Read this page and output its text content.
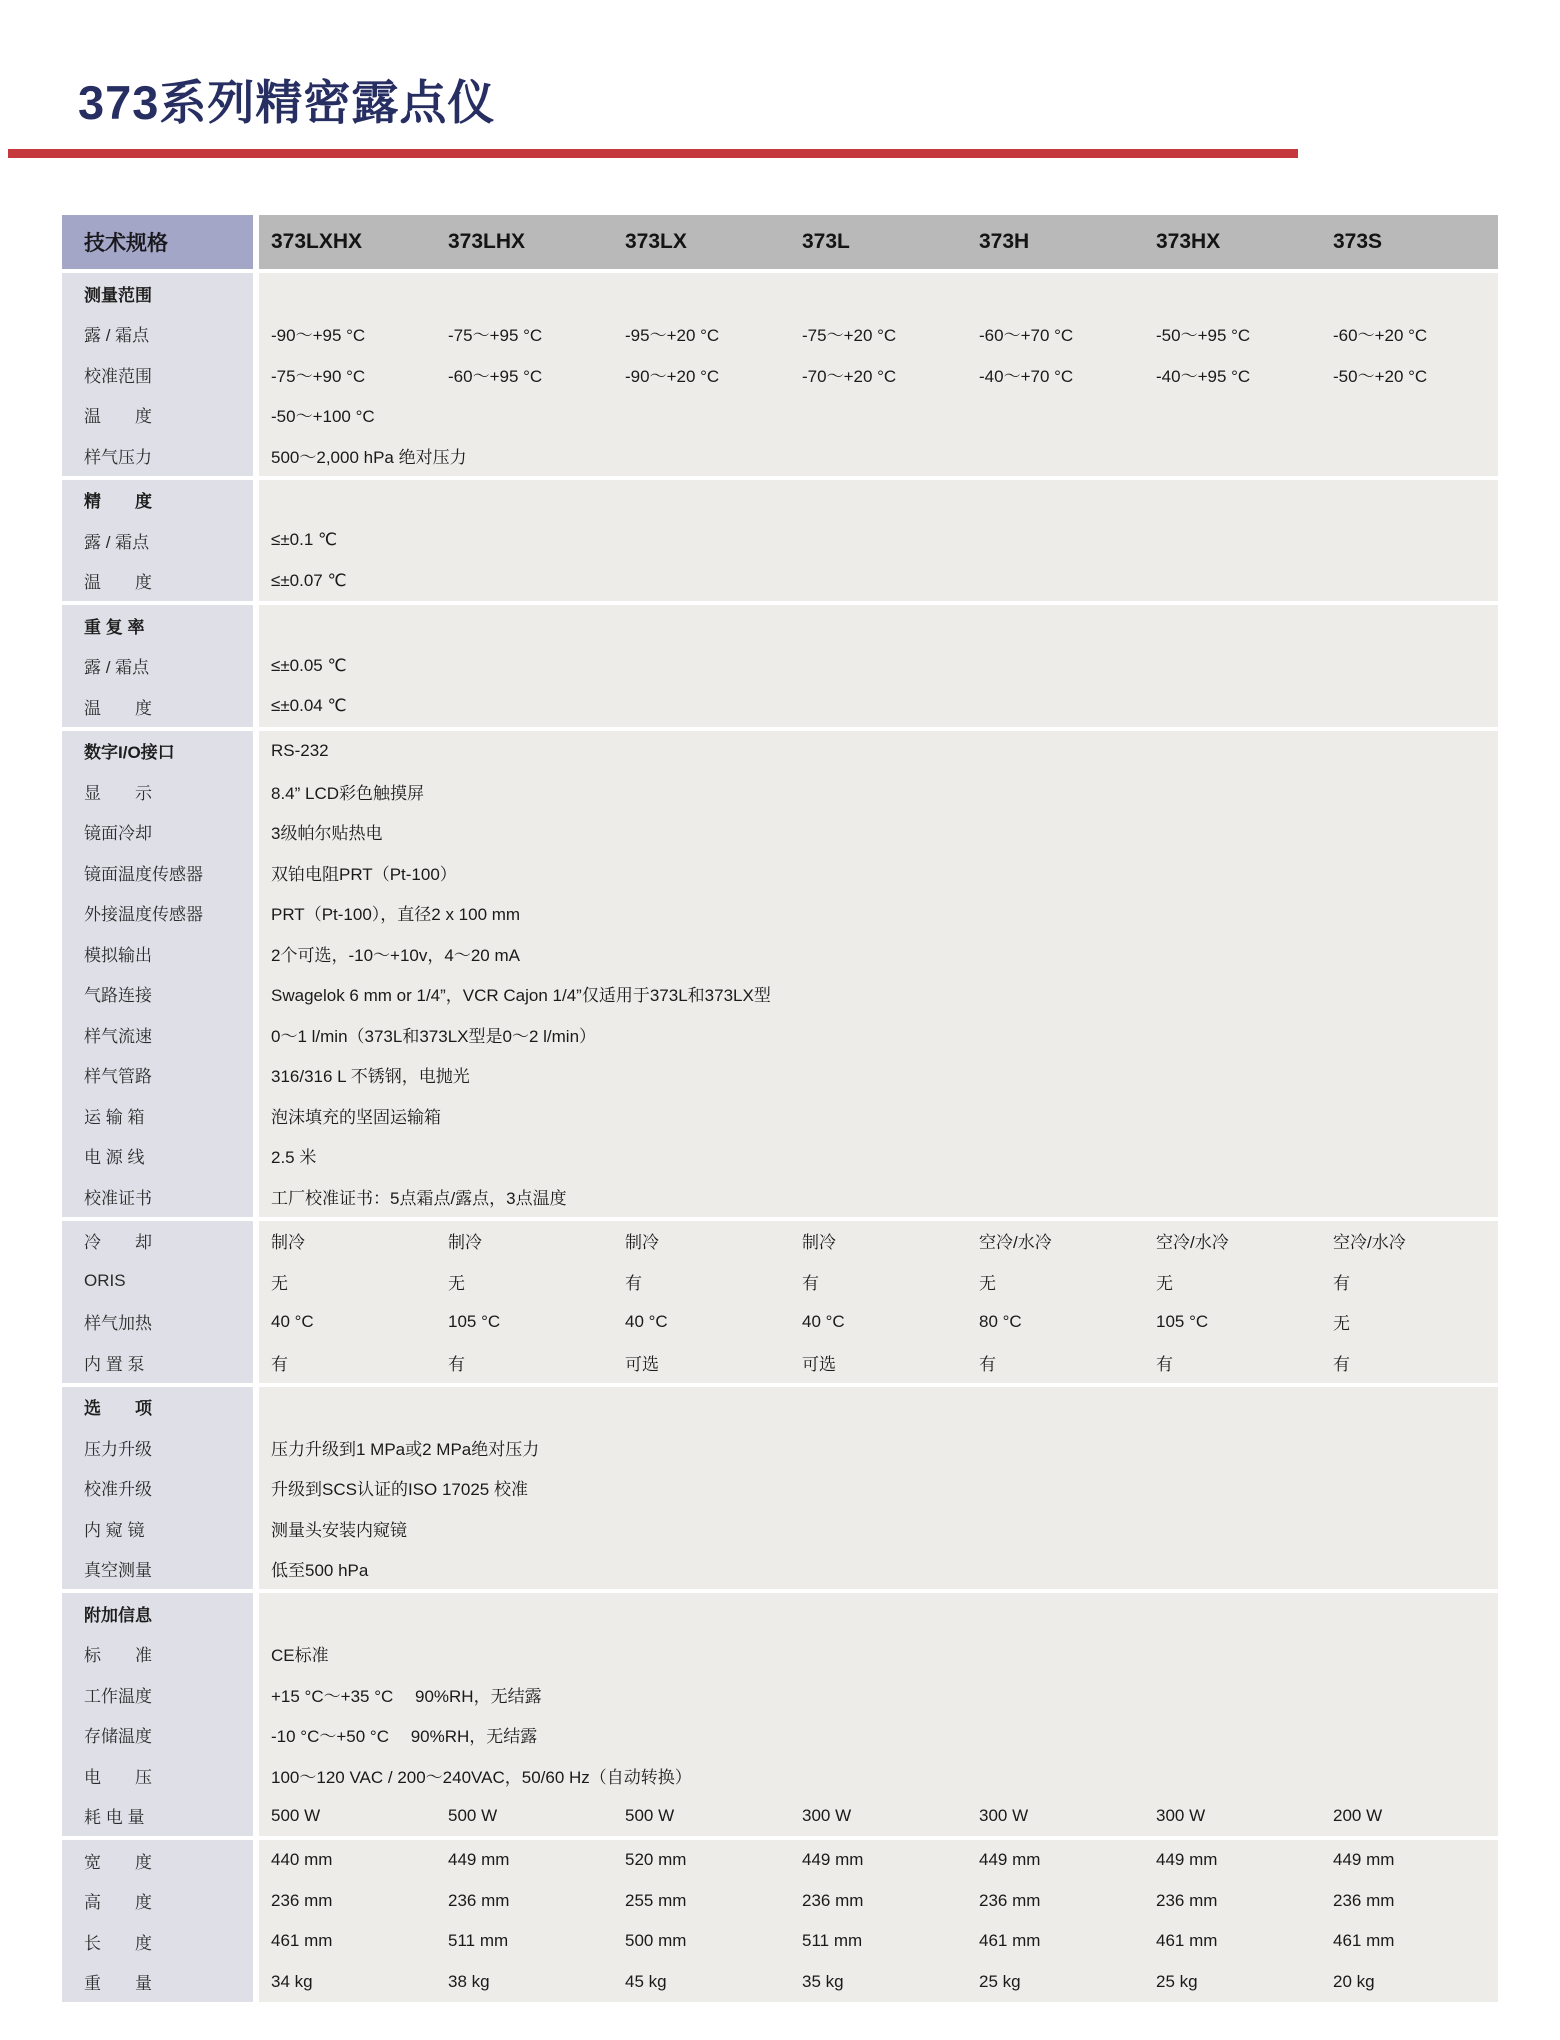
373系列精密露点仪
技术规格	373LXHX	373LHX	373LX	373L	373H	373HX	373S
测量范围
露 / 霜点	-90～+95 °C	-75～+95 °C	-95～+20 °C	-75～+20 °C	-60～+70 °C	-50～+95 °C	-60～+20 °C
校准范围	-75～+90 °C	-60～+95 °C	-90～+20 °C	-70～+20 °C	-40～+70 °C	-40～+95 °C	-50～+20 °C
温　　度	-50～+100 °C
样气压力	500～2,000 hPa 绝对压力
精　　度
露 / 霜点	≤±0.1 ℃
温　　度	≤±0.07 ℃
重 复 率
露 / 霜点	≤±0.05 ℃
温　　度	≤±0.04 ℃
数字I/O接口	RS-232
显　　示	8.4” LCD彩色触摸屏
镜面冷却	3级帕尔贴热电
镜面温度传感器	双铂电阻PRT（Pt-100）
外接温度传感器	PRT（Pt-100），直径2 x 100 mm
模拟输出	2个可选，-10～+10v，4～20 mA
气路连接	Swagelok 6 mm or 1/4”，VCR Cajon 1/4”仅适用于373L和373LX型
样气流速	0～1 l/min（373L和373LX型是0～2 l/min）
样气管路	316/316 L 不锈钢，电抛光
运 输 箱	泡沫填充的坚固运输箱
电 源 线	2.5 米
校准证书	工厂校准证书：5点霜点/露点，3点温度
冷　　却	制冷	制冷	制冷	制冷	空冷/水冷	空冷/水冷	空冷/水冷
ORIS	无	无	有	有	无	无	有
样气加热	40 °C	105 °C	40 °C	40 °C	80 °C	105 °C	无
内 置 泵	有	有	可选	可选	有	有	有
选　　项
压力升级	压力升级到1 MPa或2 MPa绝对压力
校准升级	升级到SCS认证的ISO 17025 校准
内 窥 镜	测量头安装内窥镜
真空测量	低至500 hPa
附加信息
标　　准	CE标准
工作温度	+15 °C～+35 °C　 90%RH，无结露
存储温度	-10 °C～+50 °C　 90%RH，无结露
电　　压	100～120 VAC / 200～240VAC，50/60 Hz（自动转换）
耗 电 量	500 W	500 W	500 W	300 W	300 W	300 W	200 W
宽　　度	440 mm	449 mm	520 mm	449 mm	449 mm	449 mm	449 mm
高　　度	236 mm	236 mm	255 mm	236 mm	236 mm	236 mm	236 mm
长　　度	461 mm	511 mm	500 mm	511 mm	461 mm	461 mm	461 mm
重　　量	34 kg	38 kg	45 kg	35 kg	25 kg	25 kg	20 kg
